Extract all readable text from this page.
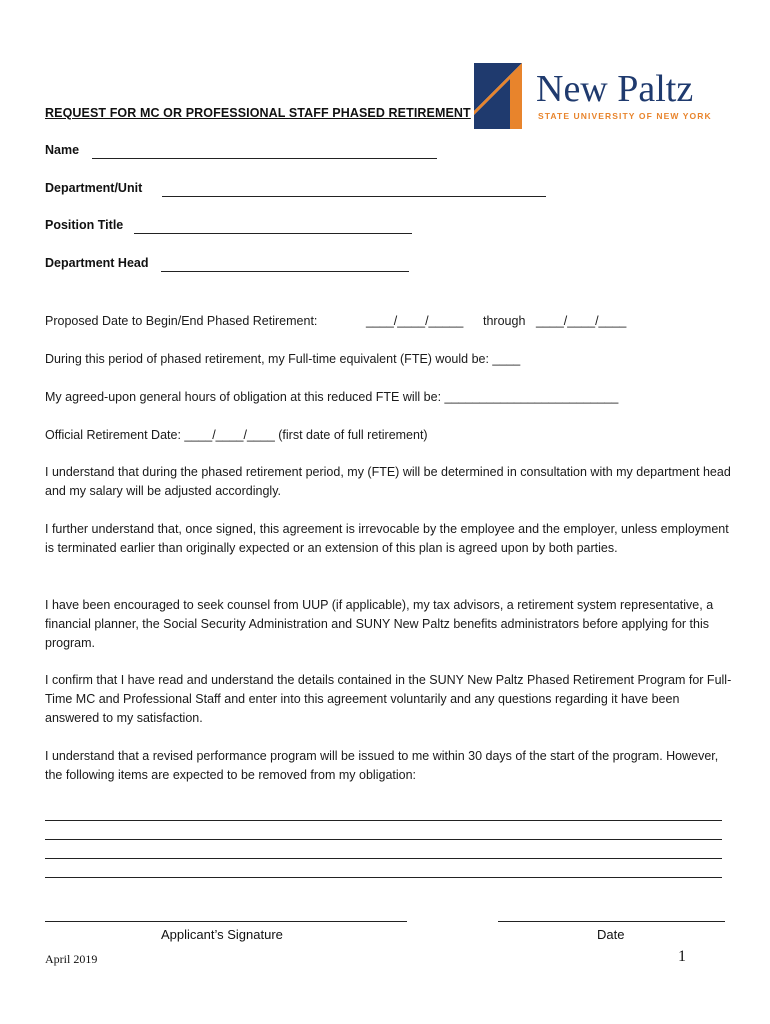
REQUEST FOR MC OR PROFESSIONAL STAFF PHASED RETIREMENT
New Paltz
STATE UNIVERSITY OF NEW YORK
Name
Department/Unit
Position Title
Department Head
Proposed Date to Begin/End Phased Retirement:	____/____/_____ through ____/____/____
During this period of phased retirement, my Full-time equivalent (FTE) would be: ____
My agreed-upon general hours of obligation at this reduced FTE will be: _________________________
Official Retirement Date: ____/____/____ (first date of full retirement)
I understand that during the phased retirement period, my (FTE) will be determined in consultation with my department head and my salary will be adjusted accordingly.
I further understand that, once signed, this agreement is irrevocable by the employee and the employer, unless employment is terminated earlier than originally expected or an extension of this plan is agreed upon by both parties.
I have been encouraged to seek counsel from UUP (if applicable), my tax advisors, a retirement system representative, a financial planner, the Social Security Administration and SUNY New Paltz benefits administrators before applying for this program.
I confirm that I have read and understand the details contained in the SUNY New Paltz Phased Retirement Program for Full-Time MC and Professional Staff and enter into this agreement voluntarily and any questions regarding it have been answered to my satisfaction.
I understand that a revised performance program will be issued to me within 30 days of the start of the program. However, the following items are expected to be removed from my obligation:
Applicant’s Signature	Date
April 2019	1
